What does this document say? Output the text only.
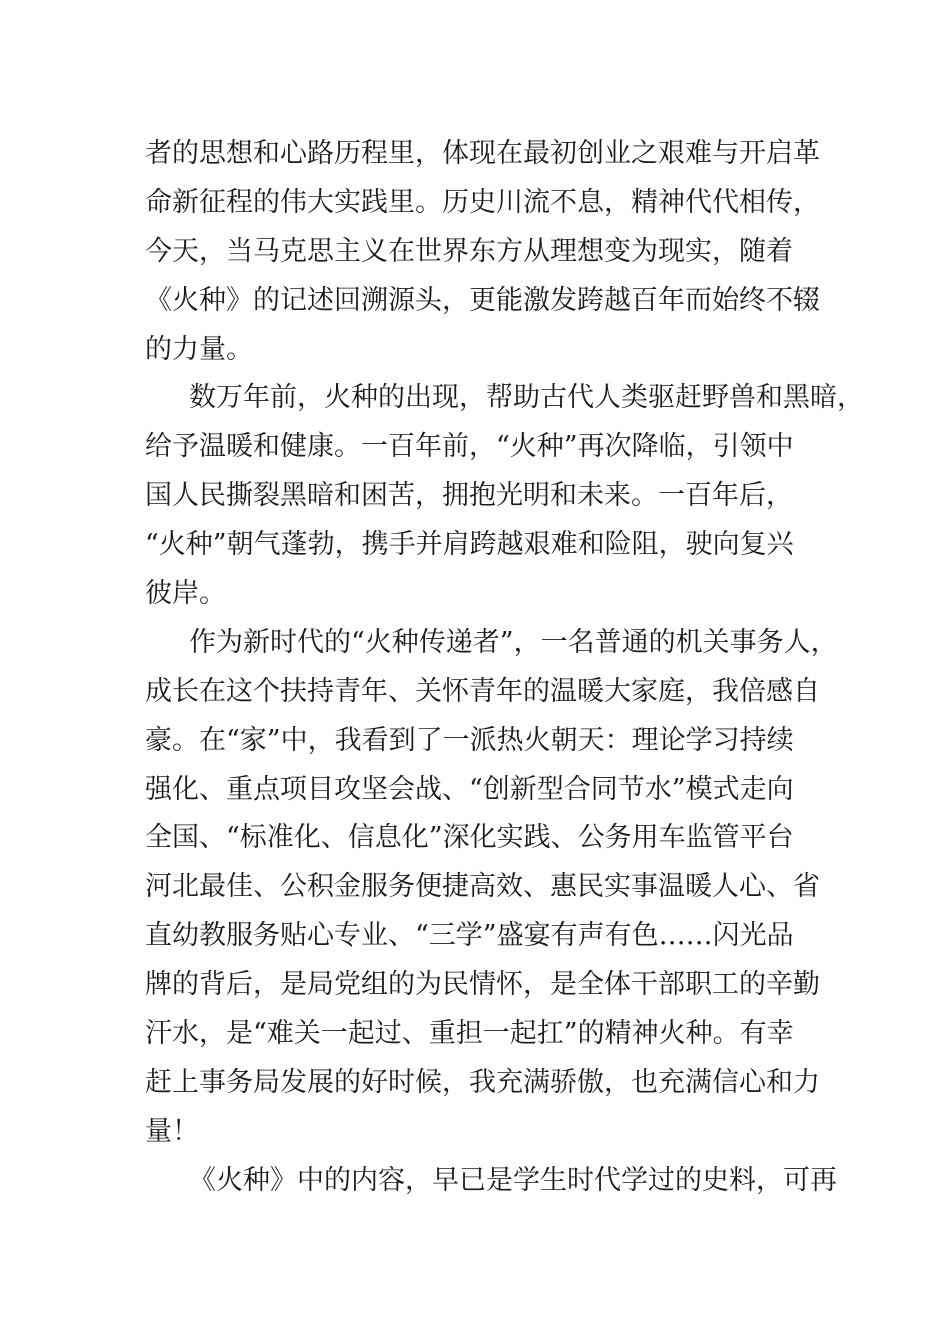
者的思想和心路历程里，体现在最初创业之艰难与开启革
命新征程的伟大实践里。历史川流不息，精神代代相传，
今天，当马克思主义在世界东方从理想变为现实，随着
《火种》的记述回溯源头，更能激发跨越百年而始终不辍
的力量。
数万年前，火种的出现，帮助古代人类驱赶野兽和黑暗，
给予温暖和健康。一百年前，“火种”再次降临，引领中
国人民撕裂黑暗和困苦，拥抱光明和未来。一百年后，
“火种”朝气蓬勃，携手并肩跨越艰难和险阻，驶向复兴
彼岸。
作为新时代的“火种传递者”，一名普通的机关事务人，
成长在这个扶持青年、关怀青年的温暖大家庭，我倍感自
豪。在“家”中，我看到了一派热火朝天：理论学习持续
强化、重点项目攻坚会战、“创新型合同节水”模式走向
全国、“标准化、信息化”深化实践、公务用车监管平台
河北最佳、公积金服务便捷高效、惠民实事温暖人心、省
直幼教服务贴心专业、“三学”盛宴有声有色……闪光品
牌的背后，是局党组的为民情怀，是全体干部职工的辛勤
汗水，是“难关一起过、重担一起扛”的精神火种。有幸
赶上事务局发展的好时候，我充满骄傲，也充满信心和力
量！
《火种》中的内容，早已是学生时代学过的史料，可再
